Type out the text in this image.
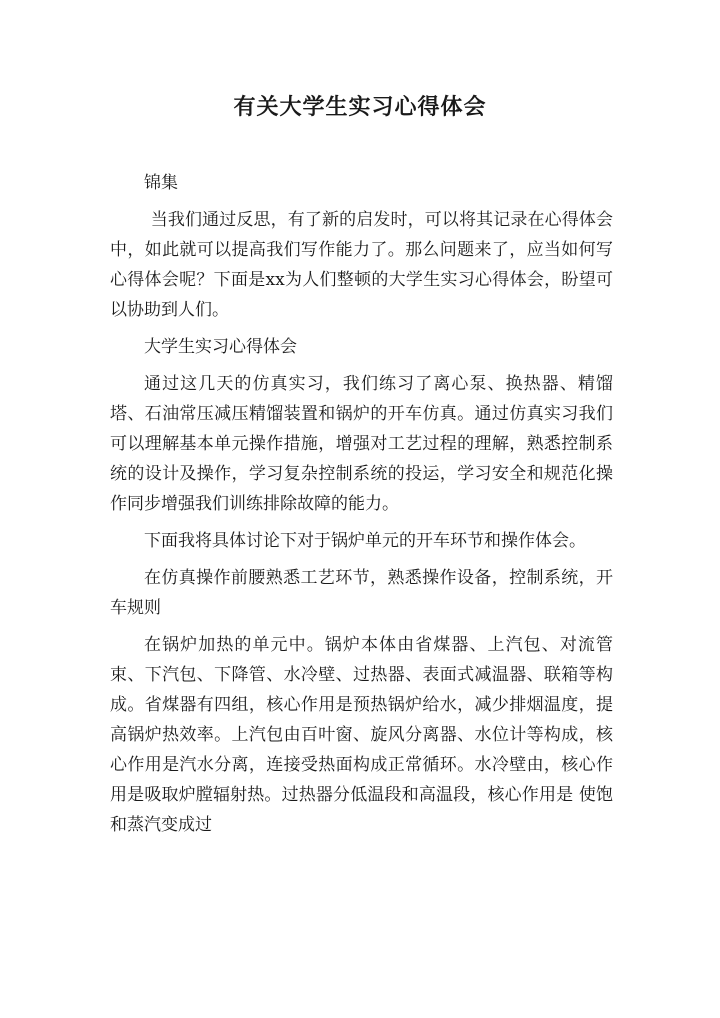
有关大学生实习心得体会

锦集

当我们通过反思，有了新的启发时，可以将其记录在心得体会中，如此就可以提高我们写作能力了。那么问题来了，应当如何写心得体会呢？下面是xx为人们整顿的大学生实习心得体会，盼望可以协助到人们。

大学生实习心得体会

通过这几天的仿真实习，我们练习了离心泵、换热器、精馏塔、石油常压减压精馏装置和锅炉的开车仿真。通过仿真实习我们可以理解基本单元操作措施，增强对工艺过程的理解，熟悉控制系统的设计及操作，学习复杂控制系统的投运，学习安全和规范化操作同步增强我们训练排除故障的能力。

下面我将具体讨论下对于锅炉单元的开车环节和操作体会。

在仿真操作前腰熟悉工艺环节，熟悉操作设备，控制系统，开车规则

在锅炉加热的单元中。锅炉本体由省煤器、上汽包、对流管束、下汽包、下降管、水冷壁、过热器、表面式减温器、联箱等构成。省煤器有四组，核心作用是预热锅炉给水，减少排烟温度，提高锅炉热效率。上汽包由百叶窗、旋风分离器、水位计等构成，核心作用是汽水分离，连接受热面构成正常循环。水冷壁由，核心作用是吸取炉膛辐射热。过热器分低温段和高温段，核心作用是 使饱和蒸汽变成过
